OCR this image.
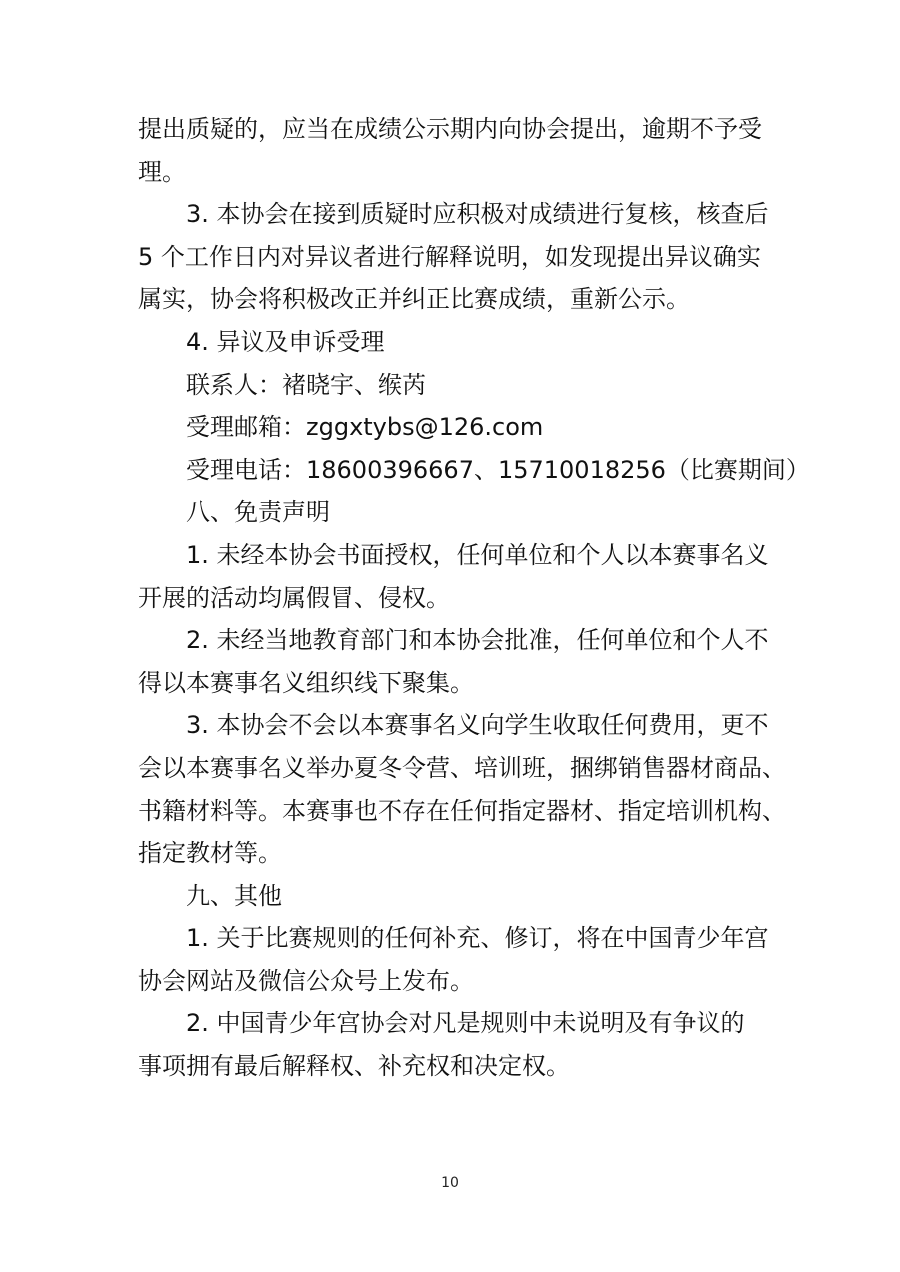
提出质疑的，应当在成绩公示期内向协会提出，逾期不予受
理。

3. 本协会在接到质疑时应积极对成绩进行复核，核查后
5 个工作日内对异议者进行解释说明，如发现提出异议确实
属实，协会将积极改正并纠正比赛成绩，重新公示。

4. 异议及申诉受理

联系人：褚晓宇、缑芮

受理邮箱：zggxtybs@126.com

受理电话：18600396667、15710018256（比赛期间）

八、免责声明

1. 未经本协会书面授权，任何单位和个人以本赛事名义
开展的活动均属假冒、侵权。

2. 未经当地教育部门和本协会批准，任何单位和个人不
得以本赛事名义组织线下聚集。

3. 本协会不会以本赛事名义向学生收取任何费用，更不
会以本赛事名义举办夏冬令营、培训班，捆绑销售器材商品、
书籍材料等。本赛事也不存在任何指定器材、指定培训机构、
指定教材等。

九、其他

1. 关于比赛规则的任何补充、修订，将在中国青少年宫
协会网站及微信公众号上发布。

2. 中国青少年宫协会对凡是规则中未说明及有争议的
事项拥有最后解释权、补充权和决定权。

10
